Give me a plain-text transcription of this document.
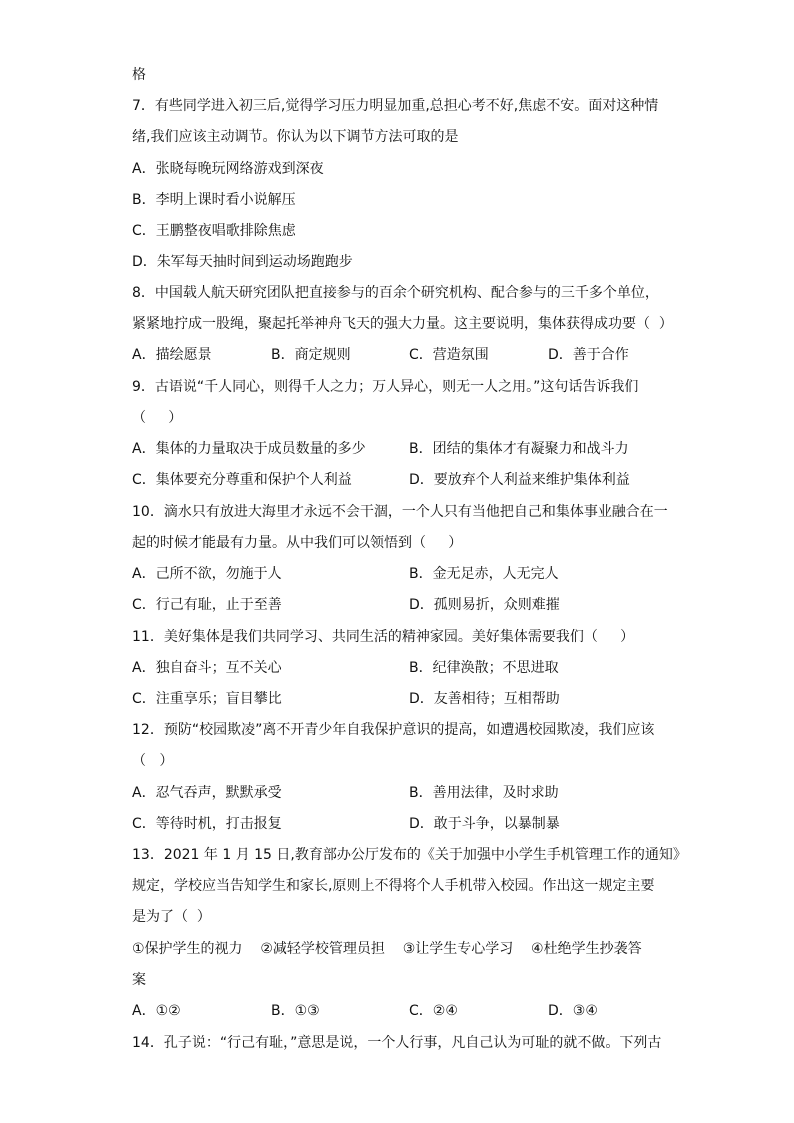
格
7．有些同学进入初三后,觉得学习压力明显加重,总担心考不好,焦虑不安。面对这种情
绪,我们应该主动调节。你认为以下调节方法可取的是
A．张晓每晚玩网络游戏到深夜
B．李明上课时看小说解压
C．王鹏整夜唱歌排除焦虑
D．朱军每天抽时间到运动场跑跑步
8．中国载人航天研究团队把直接参与的百余个研究机构、配合参与的三千多个单位，
紧紧地拧成一股绳，聚起托举神舟飞天的强大力量。这主要说明，集体获得成功要（  ）
A．描绘愿景	B．商定规则	C．营造氛围	D．善于合作
9．古语说“千人同心，则得千人之力；万人异心，则无一人之用。”这句话告诉我们
（     ）
A．集体的力量取决于成员数量的多少	B．团结的集体才有凝聚力和战斗力
C．集体要充分尊重和保护个人利益	D．要放弃个人利益来维护集体利益
10．滴水只有放进大海里才永远不会干涸，一个人只有当他把自己和集体事业融合在一
起的时候才能最有力量。从中我们可以领悟到（     ）
A．己所不欲，勿施于人	B．金无足赤，人无完人
C．行己有耻，止于至善	D．孤则易折，众则难摧
11．美好集体是我们共同学习、共同生活的精神家园。美好集体需要我们（     ）
A．独自奋斗；互不关心	B．纪律涣散；不思进取
C．注重享乐；盲目攀比	D．友善相待；互相帮助
12．预防“校园欺凌”离不开青少年自我保护意识的提高，如遭遇校园欺凌，我们应该
（   ）
A．忍气吞声，默默承受	B．善用法律，及时求助
C．等待时机，打击报复	D．敢于斗争，以暴制暴
13．2021 年 1 月 15 日,教育部办公厅发布的《关于加强中小学生手机管理工作的通知》
规定，学校应当告知学生和家长,原则上不得将个人手机带入校园。作出这一规定主要
是为了（  ）
①保护学生的视力    ②减轻学校管理员担    ③让学生专心学习    ④杜绝学生抄袭答
案
A．①②	B．①③	C．②④	D．③④
14．孔子说：“行己有耻，”意思是说，一个人行事，凡自己认为可耻的就不做。下列古
